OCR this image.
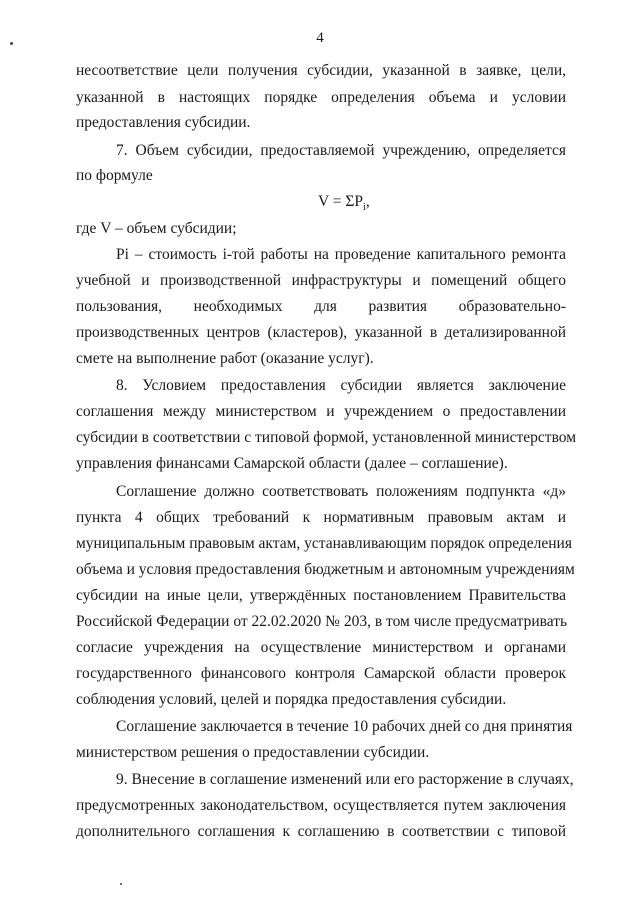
4
несоответствие цели получения субсидии, указанной в заявке, цели,
указанной в настоящих порядке определения объема и условии
предоставления субсидии.
7. Объем субсидии, предоставляемой учреждению, определяется
по формуле
$V = \Sigma P_i$,
где V – объем субсидии;
Pi – стоимость i-той работы на проведение капитального ремонта
учебной и производственной инфраструктуры и помещений общего
пользования, необходимых для развития образовательно-
производственных центров (кластеров), указанной в детализированной
смете на выполнение работ (оказание услуг).
8. Условием предоставления субсидии является заключение
соглашения между министерством и учреждением о предоставлении
субсидии в соответствии с типовой формой, установленной министерством
управления финансами Самарской области (далее – соглашение).
Соглашение должно соответствовать положениям подпункта «д»
пункта 4 общих требований к нормативным правовым актам и
муниципальным правовым актам, устанавливающим порядок определения
объема и условия предоставления бюджетным и автономным учреждениям
субсидии на иные цели, утверждённых постановлением Правительства
Российской Федерации от 22.02.2020 № 203, в том числе предусматривать
согласие учреждения на осуществление министерством и органами
государственного финансового контроля Самарской области проверок
соблюдения условий, целей и порядка предоставления субсидии.
Соглашение заключается в течение 10 рабочих дней со дня принятия
министерством решения о предоставлении субсидии.
9. Внесение в соглашение изменений или его расторжение в случаях,
предусмотренных законодательством, осуществляется путем заключения
дополнительного соглашения к соглашению в соответствии с типовой
